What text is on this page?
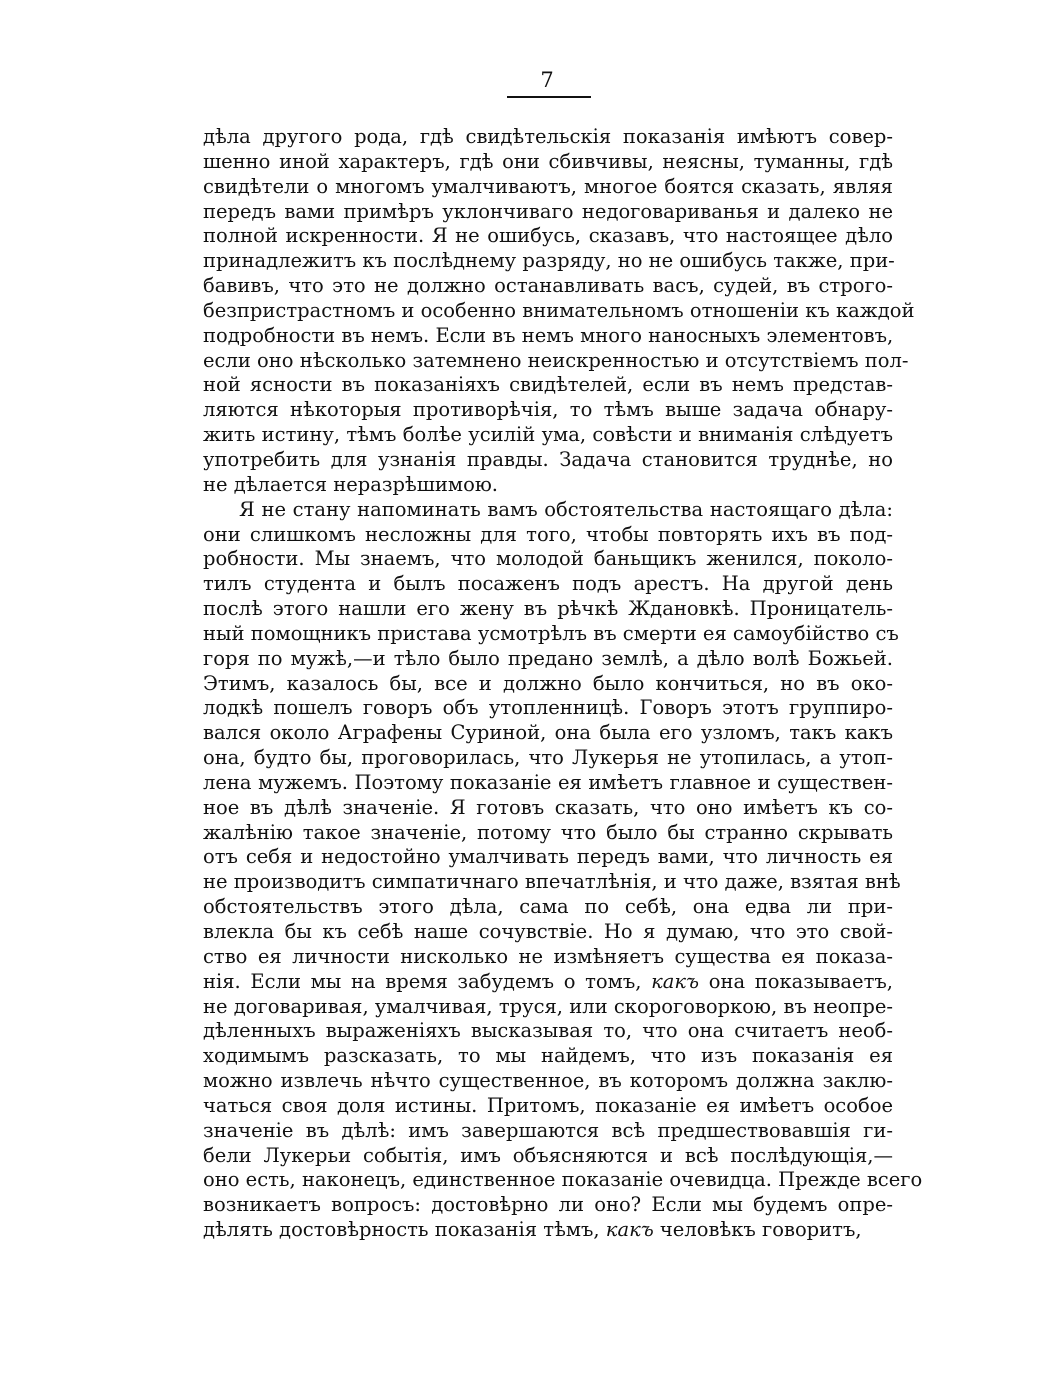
7
дѣла другого рода, гдѣ свидѣтельскія показанія имѣютъ совер-
шенно иной характеръ, гдѣ они сбивчивы, неясны, туманны, гдѣ
свидѣтели о многомъ умалчиваютъ, многое боятся сказать, являя
передъ вами примѣръ уклончиваго недоговариванья и далеко не
полной искренности. Я не ошибусь, сказавъ, что настоящее дѣло
принадлежитъ къ послѣднему разряду, но не ошибусь также, при-
бавивъ, что это не должно останавливать васъ, судей, въ строго-
безпристрастномъ и особенно внимательномъ отношеніи къ каждой
подробности въ немъ. Если въ немъ много наносныхъ элементовъ,
если оно нѣсколько затемнено неискренностью и отсутствіемъ пол-
ной ясности въ показаніяхъ свидѣтелей, если въ немъ представ-
ляются нѣкоторыя противорѣчія, то тѣмъ выше задача обнару-
жить истину, тѣмъ болѣе усилій ума, совѣсти и вниманія слѣдуетъ
употребить для узнанія правды. Задача становится труднѣе, но
не дѣлается неразрѣшимою.
Я не стану напоминать вамъ обстоятельства настоящаго дѣла:
они слишкомъ несложны для того, чтобы повторять ихъ въ под-
робности. Мы знаемъ, что молодой баньщикъ женился, поколо-
тилъ студента и былъ посаженъ подъ арестъ. На другой день
послѣ этого нашли его жену въ рѣчкѣ Ждановкѣ. Проницатель-
ный помощникъ пристава усмотрѣлъ въ смерти ея самоубійство съ
горя по мужѣ,—и тѣло было предано землѣ, а дѣло волѣ Божьей.
Этимъ, казалось бы, все и должно было кончиться, но въ око-
лодкѣ пошелъ говоръ объ утопленницѣ. Говоръ этотъ группиро-
вался около Аграфены Суриной, она была его узломъ, такъ какъ
она, будто бы, проговорилась, что Лукерья не утопилась, а утоп-
лена мужемъ. Поэтому показаніе ея имѣетъ главное и существен-
ное въ дѣлѣ значеніе. Я готовъ сказать, что оно имѣетъ къ со-
жалѣнію такое значеніе, потому что было бы странно скрывать
отъ себя и недостойно умалчивать передъ вами, что личность ея
не производитъ симпатичнаго впечатлѣнія, и что даже, взятая внѣ
обстоятельствъ этого дѣла, сама по себѣ, она едва ли при-
влекла бы къ себѣ наше сочувствіе. Но я думаю, что это свой-
ство ея личности нисколько не измѣняетъ существа ея показа-
нія. Если мы на время забудемъ о томъ, какъ она показываетъ,
не договаривая, умалчивая, труся, или скороговоркою, въ неопре-
дѣленныхъ выраженіяхъ высказывая то, что она считаетъ необ-
ходимымъ разсказать, то мы найдемъ, что изъ показанія ея
можно извлечь нѣчто существенное, въ которомъ должна заклю-
чаться своя доля истины. Притомъ, показаніе ея имѣетъ особое
значеніе въ дѣлѣ: имъ завершаются всѣ предшествовавшія ги-
бели Лукерьи событія, имъ объясняются и всѣ послѣдующія,—
оно есть, наконецъ, единственное показаніе очевидца. Прежде всего
возникаетъ вопросъ: достовѣрно ли оно? Если мы будемъ опре-
дѣлять достовѣрность показанія тѣмъ, какъ человѣкъ говоритъ,
